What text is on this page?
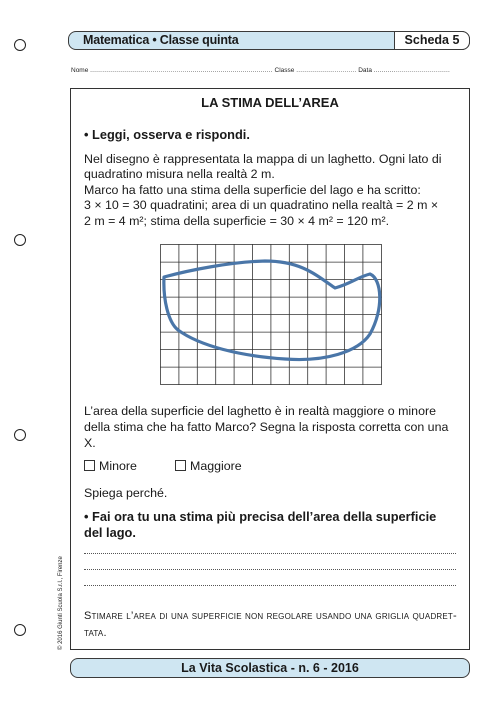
Matematica • Classe quinta	Scheda 5
Nome ........................................................................................... Classe .............................. Data ......................................
LA STIMA DELL’AREA
• Leggi, osserva e rispondi.
Nel disegno è rappresentata la mappa di un laghetto. Ogni lato di
quadratino misura nella realtà 2 m.
Marco ha fatto una stima della superficie del lago e ha scritto:
3 × 10 = 30 quadratini; area di un quadratino nella realtà = 2 m ×
2 m = 4 m²; stima della superficie = 30 × 4 m² = 120 m².
L’area della superficie del laghetto è in realtà maggiore o minore
della stima che ha fatto Marco? Segna la risposta corretta con una
X.
Minore	Maggiore
Spiega perché.
• Fai ora tu una stima più precisa dell’area della superficie
del lago.
Stimare l’area di una superficie non regolare usando una griglia quadret-
tata.
© 2016 Giunti Scuola S.r.l., Firenze
La Vita Scolastica - n. 6 - 2016
